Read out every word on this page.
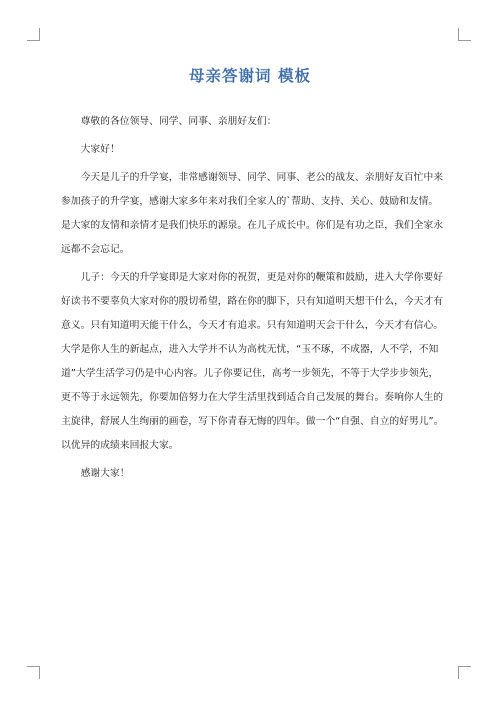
母亲答谢词 模板

尊敬的各位领导、同学、同事、亲朋好友们：

大家好！

今天是儿子的升学宴，非常感谢领导、同学、同事、老公的战友、亲朋好友百忙中来参加孩子的升学宴，感谢大家多年来对我们全家人的`帮助、支持、关心、鼓励和友情。是大家的友情和亲情才是我们快乐的源泉。在儿子成长中。你们是有功之臣，我们全家永远都不会忘记。

儿子：今天的升学宴即是大家对你的祝贺，更是对你的鞭策和鼓励，进入大学你要好好读书不要辜负大家对你的殷切希望，路在你的脚下，只有知道明天想干什么，今天才有意义。只有知道明天能干什么，今天才有追求。只有知道明天会干什么，今天才有信心。大学是你人生的新起点，进入大学并不认为高枕无忧，“玉不琢，不成器，人不学，不知道”大学生活学习仍是中心内容。儿子你要记住，高考一步领先，不等于大学步步领先，更不等于永远领先，你要加倍努力在大学生活里找到适合自己发展的舞台。奏响你人生的主旋律，舒展人生绚丽的画卷，写下你青春无悔的四年。做一个“自强、自立的好男儿”。以优异的成绩来回报大家。

感谢大家！
